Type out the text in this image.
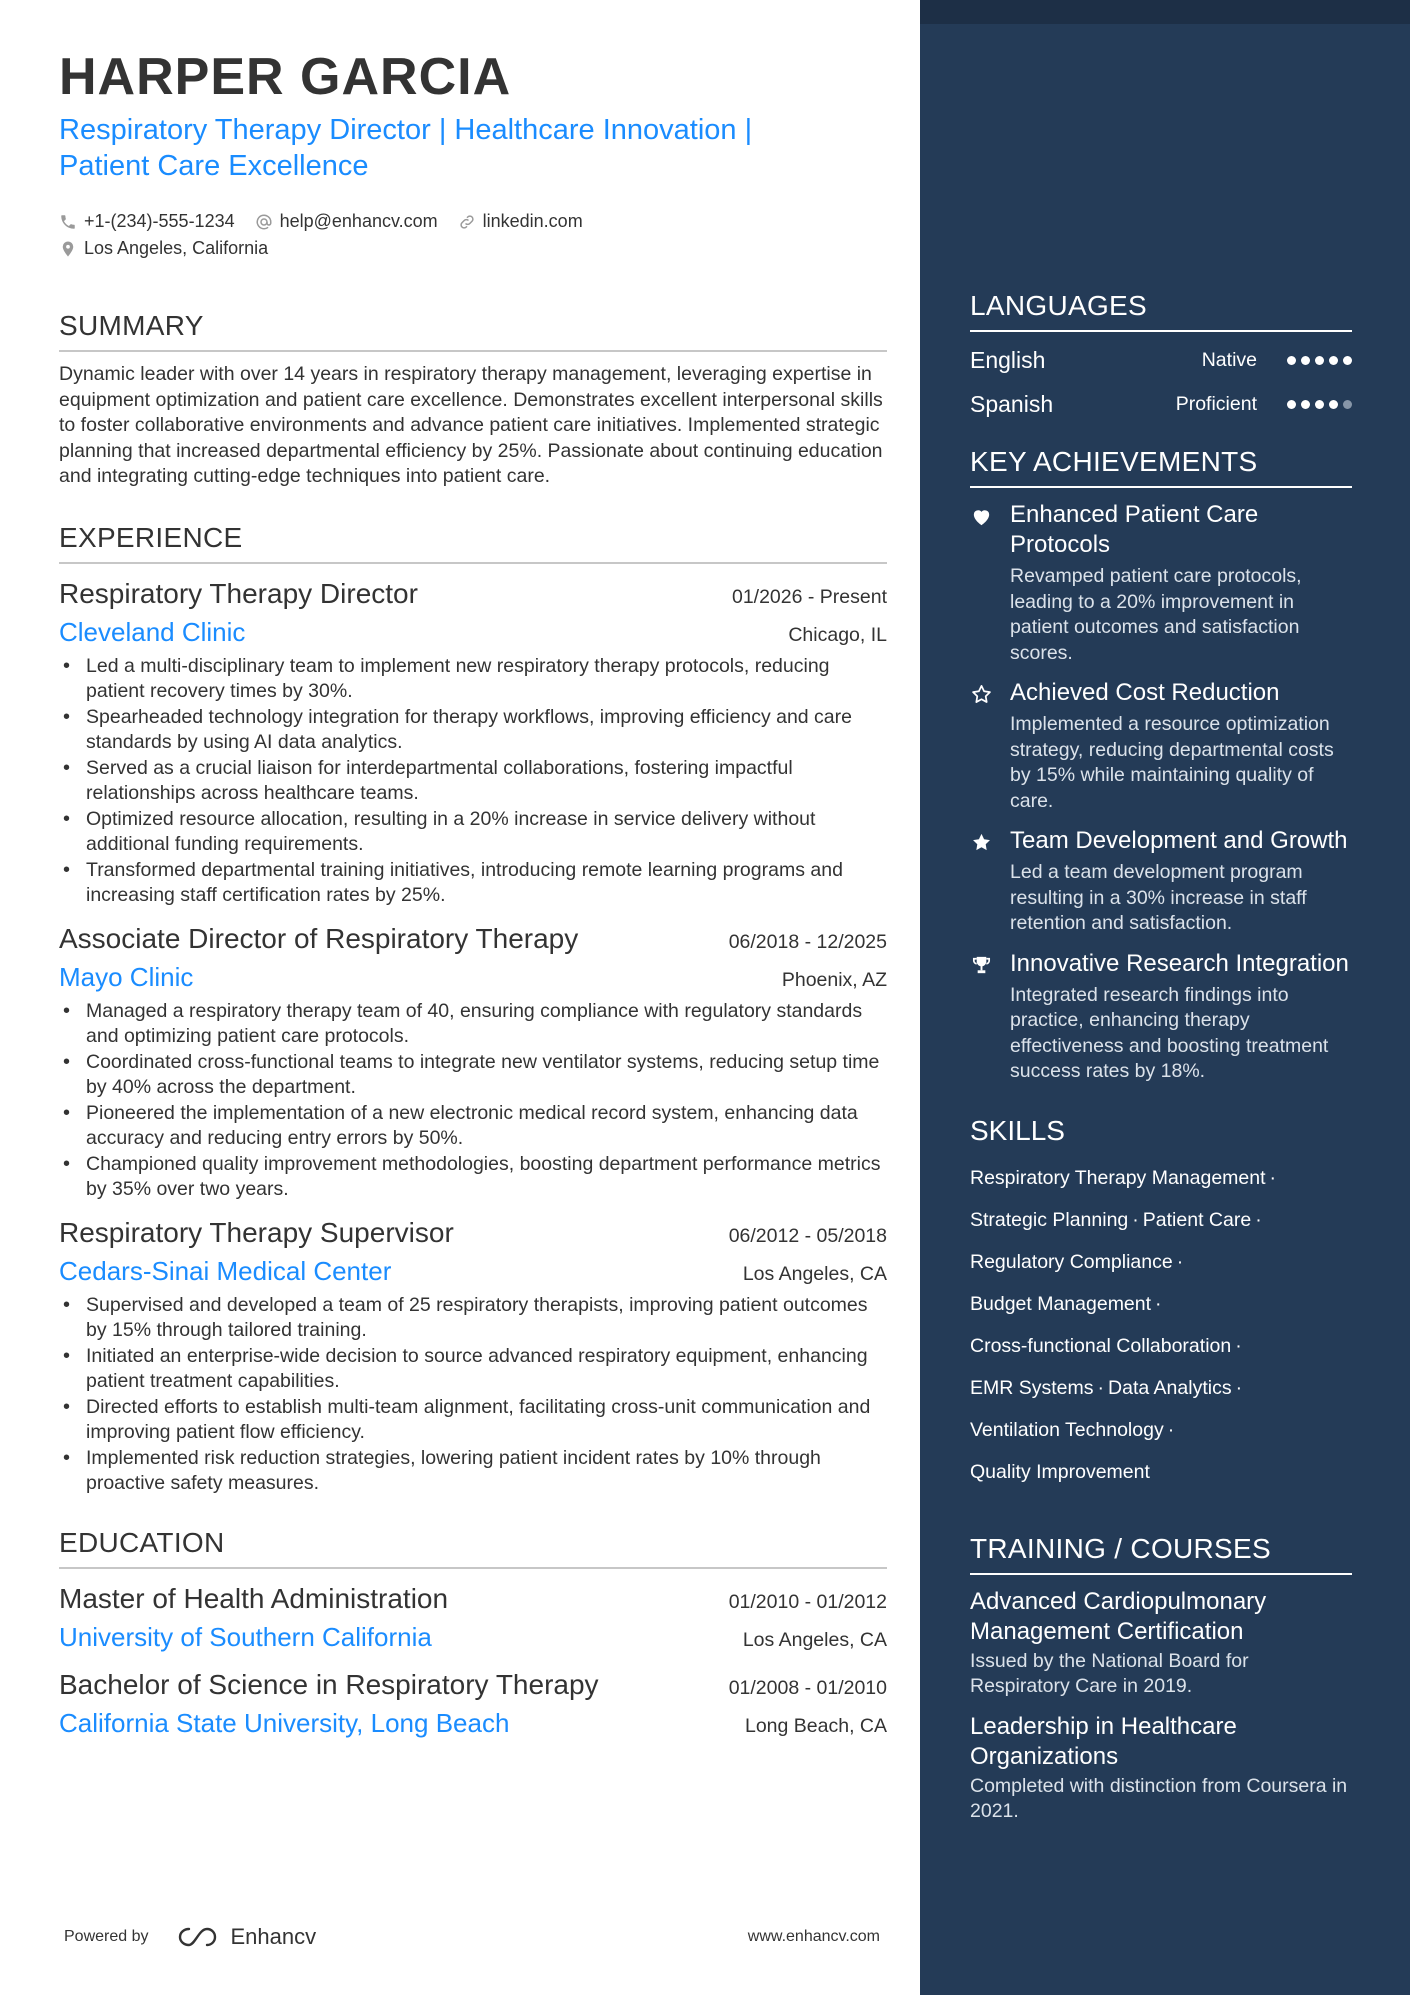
HARPER GARCIA
Respiratory Therapy Director | Healthcare Innovation |
Patient Care Excellence
+1-(234)-555-1234	help@enhancv.com	linkedin.com
Los Angeles, California
SUMMARY

Dynamic leader with over 14 years in respiratory therapy management, leveraging expertise in equipment optimization and patient care excellence. Demonstrates excellent interpersonal skills to foster collaborative environments and advance patient care initiatives. Implemented strategic planning that increased departmental efficiency by 25%. Passionate about continuing education and integrating cutting-edge techniques into patient care.

EXPERIENCE
Respiratory Therapy Director	01/2026 - Present
Cleveland Clinic	Chicago, IL
• Led a multi-disciplinary team to implement new respiratory therapy protocols, reducing patient recovery times by 30%.
• Spearheaded technology integration for therapy workflows, improving efficiency and care standards by using AI data analytics.
• Served as a crucial liaison for interdepartmental collaborations, fostering impactful relationships across healthcare teams.
• Optimized resource allocation, resulting in a 20% increase in service delivery without additional funding requirements.
• Transformed departmental training initiatives, introducing remote learning programs and increasing staff certification rates by 25%.
Associate Director of Respiratory Therapy	06/2018 - 12/2025
Mayo Clinic	Phoenix, AZ
• Managed a respiratory therapy team of 40, ensuring compliance with regulatory standards and optimizing patient care protocols.
• Coordinated cross-functional teams to integrate new ventilator systems, reducing setup time by 40% across the department.
• Pioneered the implementation of a new electronic medical record system, enhancing data accuracy and reducing entry errors by 50%.
• Championed quality improvement methodologies, boosting department performance metrics by 35% over two years.
Respiratory Therapy Supervisor	06/2012 - 05/2018
Cedars-Sinai Medical Center	Los Angeles, CA
• Supervised and developed a team of 25 respiratory therapists, improving patient outcomes by 15% through tailored training.
• Initiated an enterprise-wide decision to source advanced respiratory equipment, enhancing patient treatment capabilities.
• Directed efforts to establish multi-team alignment, facilitating cross-unit communication and improving patient flow efficiency.
• Implemented risk reduction strategies, lowering patient incident rates by 10% through proactive safety measures.
EDUCATION
Master of Health Administration	01/2010 - 01/2012
University of Southern California	Los Angeles, CA
Bachelor of Science in Respiratory Therapy	01/2008 - 01/2010
California State University, Long Beach	Long Beach, CA
Powered by	Enhancv	www.enhancv.com
LANGUAGES
English	Native
Spanish	Proficient
KEY ACHIEVEMENTS
Enhanced Patient Care Protocols
Revamped patient care protocols, leading to a 20% improvement in patient outcomes and satisfaction scores.
Achieved Cost Reduction
Implemented a resource optimization strategy, reducing departmental costs by 15% while maintaining quality of care.
Team Development and Growth
Led a team development program resulting in a 30% increase in staff retention and satisfaction.
Innovative Research Integration
Integrated research findings into practice, enhancing therapy effectiveness and boosting treatment success rates by 18%.
SKILLS
Respiratory Therapy Management ·
Strategic Planning · Patient Care ·
Regulatory Compliance ·
Budget Management ·
Cross-functional Collaboration ·
EMR Systems · Data Analytics ·
Ventilation Technology ·
Quality Improvement
TRAINING / COURSES
Advanced Cardiopulmonary Management Certification
Issued by the National Board for Respiratory Care in 2019.
Leadership in Healthcare Organizations
Completed with distinction from Coursera in 2021.
